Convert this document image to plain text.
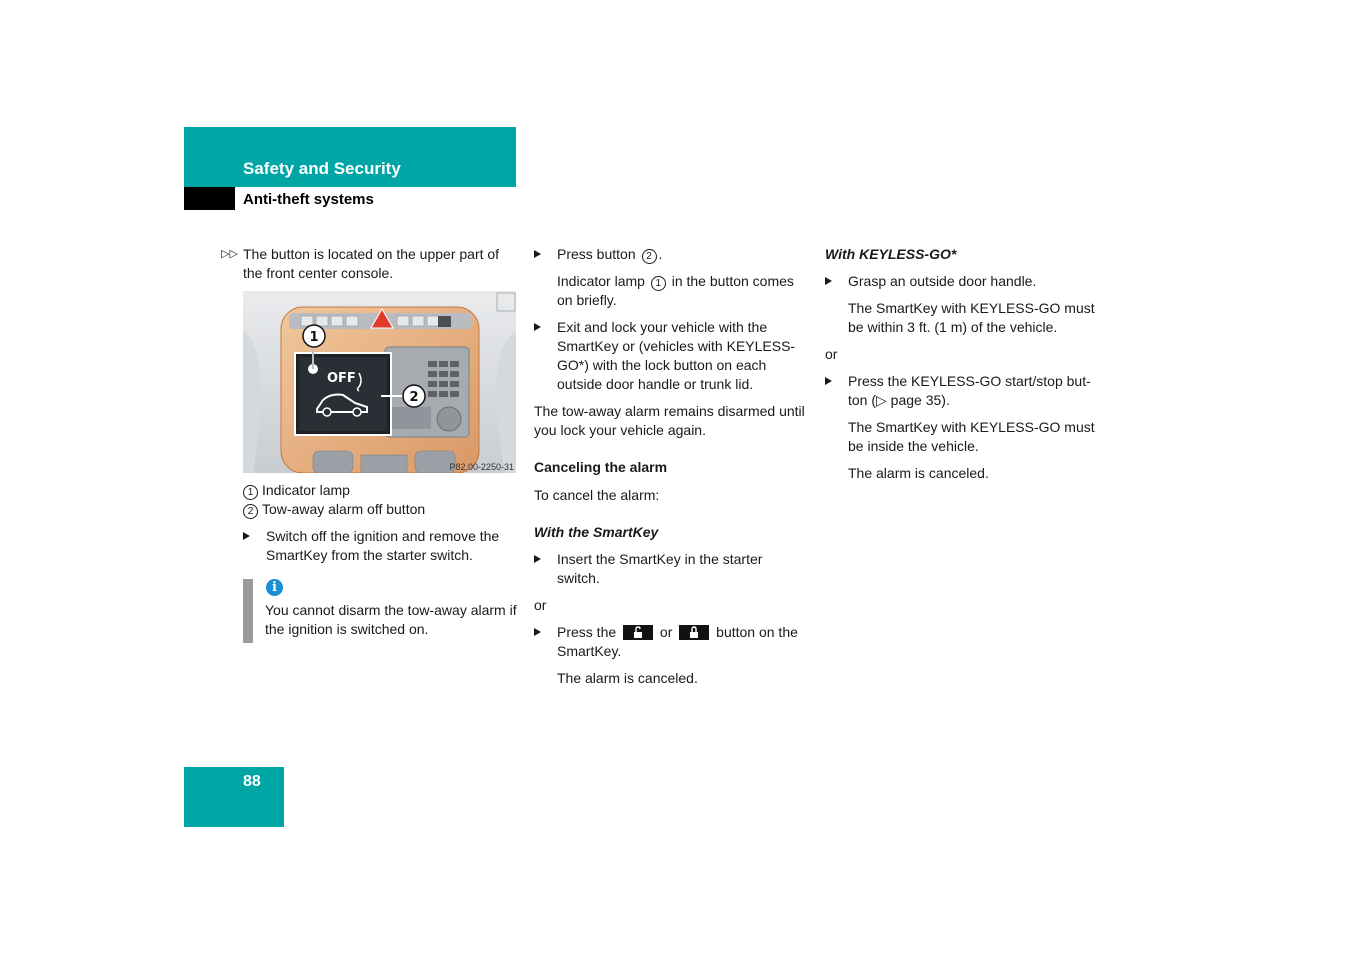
Safety and Security
Anti-theft systems

▷▷ The button is located on the upper part of the front center console.

1
OFF
2
P82.00-2250-31

1 Indicator lamp

2 Tow-away alarm off button

Switch off the ignition and remove the SmartKey from the starter switch.

i

You cannot disarm the tow-away alarm if the ignition is switched on.

Press button 2 .

Indicator lamp 1 in the button comes on briefly.

Exit and lock your vehicle with the SmartKey or (vehicles with KEYLESS-GO*) with the lock button on each outside door handle or trunk lid.

The tow-away alarm remains disarmed until you lock your vehicle again.

Canceling the alarm

To cancel the alarm:

With the SmartKey

Insert the SmartKey in the starter switch.

or

Press the	or	button on the SmartKey.

The alarm is canceled.

With KEYLESS-GO*

Grasp an outside door handle.

The SmartKey with KEYLESS-GO must be within 3 ft. (1 m) of the vehicle.

or

Press the KEYLESS-GO start/stop but-ton (▷ page 35).

The SmartKey with KEYLESS-GO must be inside the vehicle.

The alarm is canceled.

88
